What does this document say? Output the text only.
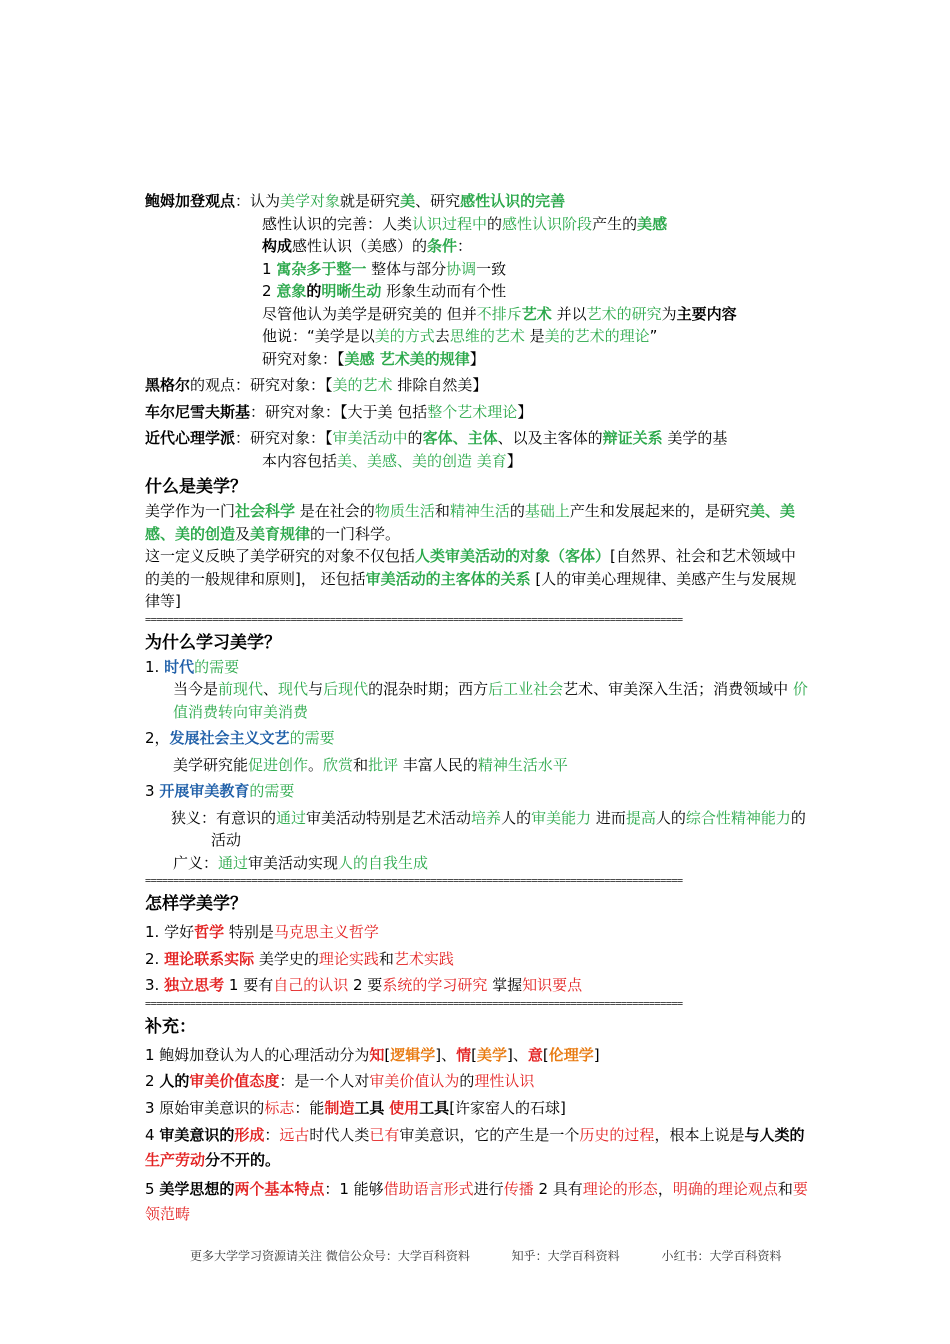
鲍姆加登观点：认为美学对象就是研究美、研究感性认识的完善
感性认识的完善：人类认识过程中的感性认识阶段产生的美感
构成感性认识（美感）的条件：
1 寓杂多于整一 整体与部分协调一致
2 意象的明晰生动 形象生动而有个性
尽管他认为美学是研究美的 但并不排斥艺术 并以艺术的研究为主要内容
他说：“美学是以美的方式去思维的艺术 是美的艺术的理论”
研究对象：【美感 艺术美的规律】
黑格尔的观点：研究对象：【美的艺术 排除自然美】
车尔尼雪夫斯基：研究对象：【大于美 包括整个艺术理论】
近代心理学派：研究对象：【审美活动中的客体、主体、以及主客体的辩证关系 美学的基
本内容包括美、美感、美的创造 美育】
什么是美学？
美学作为一门社会科学 是在社会的物质生活和精神生活的基础上产生和发展起来的，是研究美、美感、美的创造及美育规律的一门科学。
这一定义反映了美学研究的对象不仅包括人类审美活动的对象（客体）[自然界、社会和艺术领域中的美的一般规律和原则]， 还包括审美活动的主客体的关系 [人的审美心理规律、美感产生与发展规律等]
================================================================================================
为什么学习美学？
1. 时代的需要
当今是前现代、现代与后现代的混杂时期；西方后工业社会艺术、审美深入生活；消费领域中 价值消费转向审美消费
2，发展社会主义文艺的需要
美学研究能促进创作。欣赏和批评 丰富人民的精神生活水平
3 开展审美教育的需要
狭义：有意识的通过审美活动特别是艺术活动培养人的审美能力 进而提高人的综合性精神能力的活动
广义：通过审美活动实现人的自我生成
================================================================================================
怎样学美学？
1. 学好哲学 特别是马克思主义哲学
2. 理论联系实际 美学史的理论实践和艺术实践
3. 独立思考 1 要有自己的认识 2 要系统的学习研究 掌握知识要点
================================================================================================
补充：
1 鲍姆加登认为人的心理活动分为知[逻辑学]、情[美学]、意[伦理学]
2 人的审美价值态度：是一个人对审美价值认为的理性认识
3 原始审美意识的标志：能制造工具 使用工具[许家窑人的石球]
4 审美意识的形成：远古时代人类已有审美意识，它的产生是一个历史的过程，根本上说是与人类的生产劳动分不开的。
5 美学思想的两个基本特点：1 能够借助语言形式进行传播 2 具有理论的形态，明确的理论观点和要领范畴
更多大学学习资源请关注 微信公众号：大学百科资料	知乎：大学百科资料	小红书：大学百科资料
